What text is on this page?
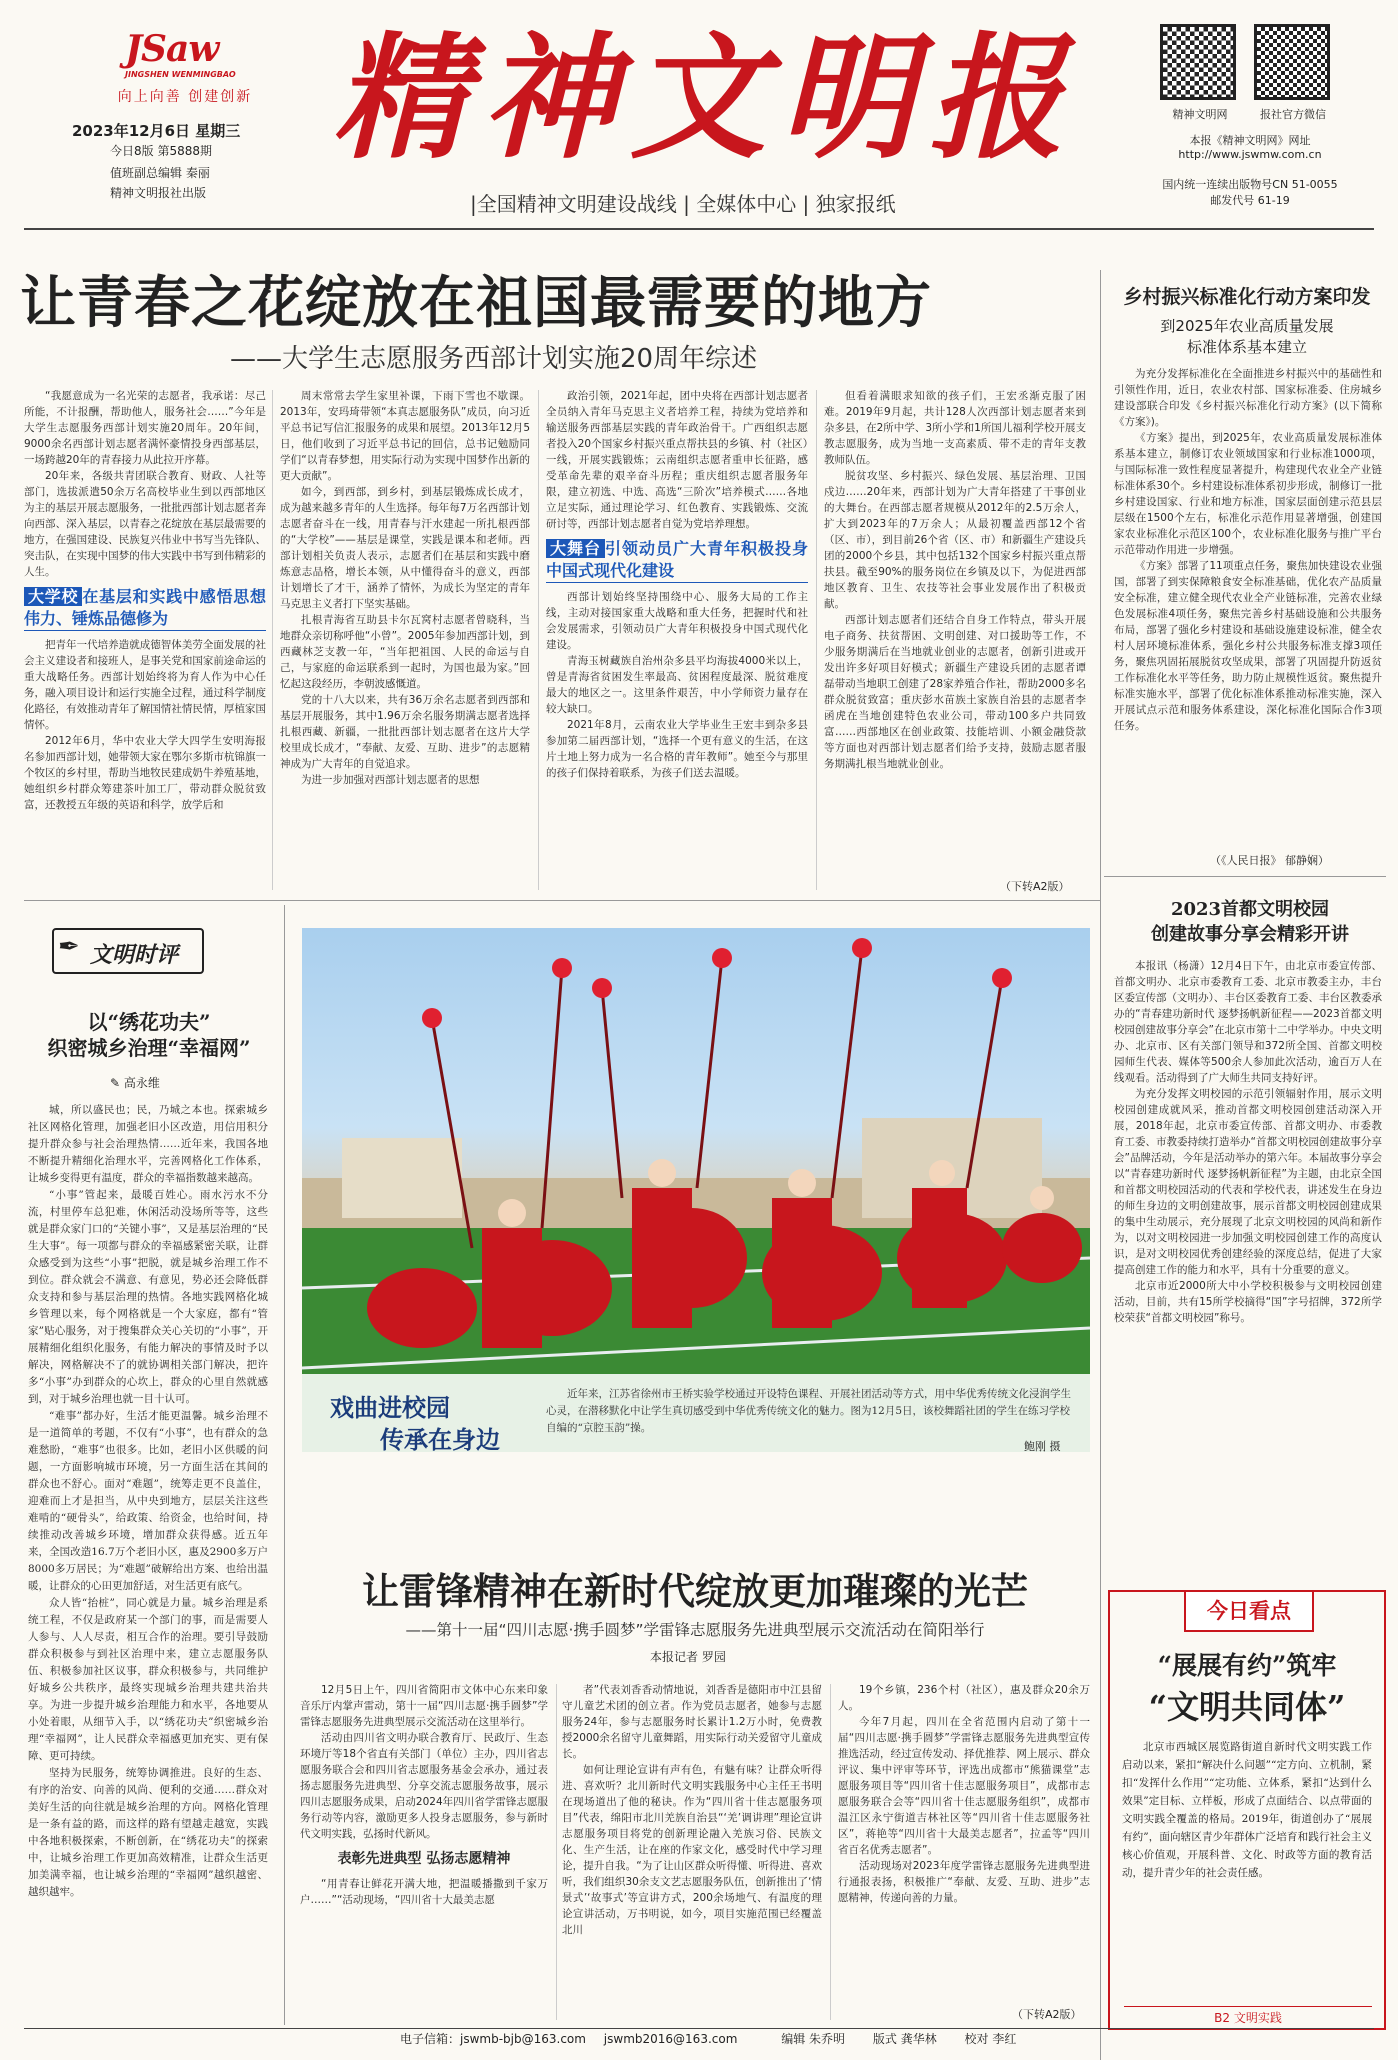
JSaw
JINGSHEN WENMINGBAO
向上向善 创建创新
2023年12月6日 星期三
今日8版 第5888期
值班副总编辑 秦丽
精神文明报社出版
精神文明报
|全国精神文明建设战线 | 全媒体中心 | 独家报纸
精神文明网	报社官方微信
本报《精神文明网》网址
http://www.jswmw.com.cn
国内统一连续出版物号CN 51-0055
邮发代号 61-19
让青春之花绽放在祖国最需要的地方
——大学生志愿服务西部计划实施20周年综述

“我愿意成为一名光荣的志愿者，我承诺：尽己所能，不计报酬，帮助他人，服务社会……”今年是大学生志愿服务西部计划实施20周年。20年间，9000余名西部计划志愿者满怀豪情投身西部基层，一场跨越20年的青春接力从此拉开序幕。

20年来，各级共青团联合教育、财政、人社等部门，选拔派遣50余万名高校毕业生到以西部地区为主的基层开展志愿服务，一批批西部计划志愿者奔向西部、深入基层，以青春之花绽放在基层最需要的地方，在强国建设、民族复兴伟业中书写当先锋队、突击队，在实现中国梦的伟大实践中书写到伟精彩的人生。

大学校 在基层和实践中感悟思想伟力、锤炼品德修为

把青年一代培养造就成德智体美劳全面发展的社会主义建设者和接班人，是事关党和国家前途命运的重大战略任务。西部计划始终将为育人作为中心任务，融入项目设计和运行实施全过程，通过科学制度化路径，有效推动青年了解国情社情民情，厚植家国情怀。

2012年6月，华中农业大学大四学生安明海报名参加西部计划，她带领大家在鄂尔多斯市杭锦旗一个牧区的乡村里，帮助当地牧民建成奶牛养殖基地，她组织乡村群众筹建茶叶加工厂，带动群众脱贫致富，还教授五年级的英语和科学，放学后和

周末常常去学生家里补课，下雨下雪也不歇课。2013年，安玛琦带领“本真志愿服务队”成员，向习近平总书记写信汇报服务的成果和展望。2013年12月5日，他们收到了习近平总书记的回信，总书记勉励同学们“以青春梦想，用实际行动为实现中国梦作出新的更大贡献”。

如今，到西部，到乡村，到基层锻炼成长成才，成为越来越多青年的人生选择。每年每7万名西部计划志愿者奋斗在一线，用青春与汗水建起一所扎根西部的“大学校”——基层是课堂，实践是课本和老师。西部计划相关负责人表示，志愿者们在基层和实践中磨炼意志品格，增长本领，从中懂得奋斗的意义，西部计划增长了才干，涵养了情怀，为成长为坚定的青年马克思主义者打下坚实基础。

扎根青海省互助县卡尔瓦窝村志愿者曾晓科，当地群众亲切称呼他“小曾”。2005年参加西部计划，到西藏林芝支教一年，“当年把祖国、人民的命运与自己，与家庭的命运联系到一起时，为国也最为家。”回忆起这段经历，李朝波感慨道。

党的十八大以来，共有36万余名志愿者到西部和基层开展服务，其中1.96万余名服务期满志愿者选择扎根西藏、新疆，一批批西部计划志愿者在这片大学校里成长成才，“奉献、友爱、互助、进步”的志愿精神成为广大青年的自觉追求。

为进一步加强对西部计划志愿者的思想

政治引领，2021年起，团中央将在西部计划志愿者全员纳入青年马克思主义者培养工程，持续为党培养和输送服务西部基层实践的青年政治骨干。广西组织志愿者投入20个国家乡村振兴重点帮扶县的乡镇、村（社区）一线，开展实践锻炼；云南组织志愿者重申长征路，感受革命先辈的艰辛奋斗历程；重庆组织志愿者服务年限，建立初选、中选、高选“三阶次”培养模式……各地立足实际，通过理论学习、红色教育、实践锻炼、交流研讨等，西部计划志愿者自觉为党培养理想。

大舞台 引领动员广大青年积极投身中国式现代化建设

西部计划始终坚持围绕中心、服务大局的工作主线，主动对接国家重大战略和重大任务，把握时代和社会发展需求，引领动员广大青年积极投身中国式现代化建设。

青海玉树藏族自治州杂多县平均海拔4000米以上，曾是青海省贫困发生率最高、贫困程度最深、脱贫难度最大的地区之一。这里条件艰苦，中小学师资力量存在较大缺口。

2021年8月，云南农业大学毕业生王宏丰到杂多县参加第二届西部计划，“选择一个更有意义的生活，在这片土地上努力成为一名合格的青年教师”。她至今与那里的孩子们保持着联系，为孩子们送去温暖。

但看着满眼求知欲的孩子们，王宏丞渐克服了困难。2019年9月起，共计128人次西部计划志愿者来到杂多县，在2所中学、3所小学和1所国儿福利学校开展支教志愿服务，成为当地一支高素质、带不走的青年支教教师队伍。

脱贫攻坚、乡村振兴、绿色发展、基层治理、卫国戍边……20年来，西部计划为广大青年搭建了干事创业的大舞台。在西部志愿者规模从2012年的2.5万余人，扩大到2023年的7万余人；从最初覆盖西部12个省（区、市），到目前26个省（区、市）和新疆生产建设兵团的2000个乡县，其中包括132个国家乡村振兴重点帮扶县。截至90%的服务岗位在乡镇及以下，为促进西部地区教育、卫生、农技等社会事业发展作出了积极贡献。

西部计划志愿者们还结合自身工作特点，带头开展电子商务、扶贫帮困、文明创建、对口援助等工作，不少服务期满后在当地就业创业的志愿者，创新引进或开发出许多好项目好模式；新疆生产建设兵团的志愿者谭磊带动当地职工创建了28家养殖合作社，帮助2000多名群众脱贫致富；重庆彭水苗族土家族自治县的志愿者李函虎在当地创建特色农业公司，带动100多户共同致富……西部地区在创业政策、技能培训、小额金融贷款等方面也对西部计划志愿者们给予支持，鼓励志愿者服务期满扎根当地就业创业。

（下转A2版）
乡村振兴标准化行动方案印发
到2025年农业高质量发展
标准体系基本建立

为充分发挥标准化在全面推进乡村振兴中的基础性和引领性作用，近日，农业农村部、国家标准委、住房城乡建设部联合印发《乡村振兴标准化行动方案》(以下简称《方案》)。

《方案》提出，到2025年，农业高质量发展标准体系基本建立，制修订农业领域国家和行业标准1000项，与国际标准一致性程度显著提升，构建现代农业全产业链标准体系30个。乡村建设标准体系初步形成，制修订一批乡村建设国家、行业和地方标准，国家层面创建示范县层层级在1500个左右，标准化示范作用显著增强，创建国家农业标准化示范区100个，农业标准化服务与推广平台示范带动作用进一步增强。

《方案》部署了11项重点任务，聚焦加快建设农业强国，部署了到实保障粮食安全标准基础，优化农产品质量安全标准，建立健全现代农业全产业链标准，完善农业绿色发展标准4项任务，聚焦完善乡村基础设施和公共服务布局，部署了强化乡村建设和基础设施建设标准，健全农村人居环境标准体系，强化乡村公共服务标准支撑3项任务，聚焦巩固拓展脱贫攻坚成果，部署了巩固提升防返贫工作标准化水平等任务，助力防止规模性返贫。聚焦提升标准实施水平，部署了优化标准体系推动标准实施，深入开展试点示范和服务体系建设，深化标准化国际合作3项任务。

（《人民日报》 郁静娴）
✒ 文明时评
以“绣花功夫”
织密城乡治理“幸福网”
✎ 高永维

城，所以盛民也；民，乃城之本也。探索城乡社区网格化管理，加强老旧小区改造，用信用积分提升群众参与社会治理热情……近年来，我国各地不断提升精细化治理水平，完善网格化工作体系，让城乡变得更有温度，群众的幸福指数越来越高。

“小事”管起来，最暖百姓心。雨水污水不分流，村里停车总犯难，休闲活动没场所等等，这些就是群众家门口的“关键小事”，又是基层治理的“民生大事”。每一项都与群众的幸福感紧密关联，让群众感受到为这些“小事”把脱，就是城乡治理工作不到位。群众就会不满意、有意见，势必还会降低群众支持和参与基层治理的热情。各地实践网格化城乡管理以来，每个网格就是一个大家庭，都有“管家”贴心服务，对于搜集群众关心关切的“小事”，开展精细化组织化服务，有能力解决的事情及时予以解决，网格解决不了的就协调相关部门解决，把许多“小事”办到群众的心坎上，群众的心里自然就感到，对于城乡治理也就一目十认可。

“难事”都办好，生活才能更温馨。城乡治理不是一道简单的考题，不仅有“小事”，也有群众的急难愁盼，“难事”也很多。比如，老旧小区供暖的问题，一方面影响城市环境，另一方面生活在其间的群众也不舒心。面对“难题”，统筹走更不良盖住，迎难而上才是担当，从中央到地方，层层关注这些难啃的“硬骨头”，给政策、给资金，也给时间，持续推动改善城乡环境，增加群众获得感。近五年来，全国改造16.7万个老旧小区，惠及2900多万户 8000多万居民；为“难题”破解给出方案、也给出温暖，让群众的心田更加舒适，对生活更有底气。

众人皆“抬桩”，同心就是力量。城乡治理是系统工程，不仅是政府某一个部门的事，而是需要人人参与、人人尽责，相互合作的治理。要引导鼓励群众积极参与到社区治理中来，建立志愿服务队伍、积极参加社区议事，群众积极参与，共同维护好城乡公共秩序，最终实现城乡治理共建共治共享。为进一步提升城乡治理能力和水平，各地要从小处着眼，从细节入手，以“绣花功夫”织密城乡治理“幸福网”，让人民群众幸福感更加充实、更有保障、更可持续。

坚持为民服务，统筹协调推进。良好的生态、有序的治安、向善的风尚、便利的交通……群众对美好生活的向往就是城乡治理的方向。网格化管理是一条有益的路，而这样的路有望越走越宽，实践中各地积极探索，不断创新，在“绣花功夫”的探索中，让城乡治理工作更加高效精准，让群众生活更加美满幸福，也让城乡治理的“幸福网”越织越密、越织越牢。

戏曲进校园
传承在身边
近年来，江苏省徐州市王桥实验学校通过开设特色课程、开展社团活动等方式，用中华优秀传统文化浸润学生心灵，在潜移默化中让学生真切感受到中华优秀传统文化的魅力。图为12月5日，该校舞蹈社团的学生在练习学校自编的“京腔玉韵”操。
鲍刚 摄
2023首都文明校园
创建故事分享会精彩开讲

本报讯（杨潇）12月4日下午，由北京市委宣传部、首都文明办、北京市委教育工委、北京市教委主办，丰台区委宣传部（文明办）、丰台区委教育工委、丰台区教委承办的“青春建功新时代 逐梦扬帆新征程——2023首都文明校园创建故事分享会”在北京市第十二中学举办。中央文明办、北京市、区有关部门领导和372所全国、首都文明校园师生代表、媒体等500余人参加此次活动，逾百万人在线观看。活动得到了广大师生共同支持好评。

为充分发挥文明校园的示范引领辐射作用，展示文明校园创建成就风采，推动首都文明校园创建活动深入开展，2018年起，北京市委宣传部、首都文明办、市委教育工委、市教委持续打造举办“首都文明校园创建故事分享会”品牌活动，今年是活动举办的第六年。本届故事分享会以“青春建功新时代 逐梦扬帆新征程”为主题，由北京全国和首都文明校园活动的代表和学校代表，讲述发生在身边的师生身边的文明创建故事，展示首都文明校园创建成果的集中生动展示，充分展现了北京文明校园的风尚和新作为，以对文明校园进一步加强文明校园创建工作的高度认识，是对文明校园优秀创建经验的深度总结，促进了大家提高创建工作的能力和水平，具有十分重要的意义。

北京市近2000所大中小学校积极参与文明校园创建活动，目前，共有15所学校摘得“国”字号招牌，372所学校荣获“首都文明校园”称号。

让雷锋精神在新时代绽放更加璀璨的光芒
——第十一届“四川志愿·携手圆梦”学雷锋志愿服务先进典型展示交流活动在简阳举行
本报记者 罗园

12月5日上午，四川省简阳市文体中心东来印象音乐厅内掌声雷动，第十一届“四川志愿·携手圆梦”学雷锋志愿服务先进典型展示交流活动在这里举行。

活动由四川省文明办联合教育厅、民政厅、生态环境厅等18个省直有关部门（单位）主办，四川省志愿服务联合会和四川省志愿服务基金会承办，通过表扬志愿服务先进典型、分享交流志愿服务故事，展示四川志愿服务成果，启动2024年四川省学雷锋志愿服务行动等内容，激励更多人投身志愿服务，参与新时代文明实践，弘扬时代新风。

表彰先进典型 弘扬志愿精神

“用青春让鲜花开满大地，把温暖播撒到千家万户……”“活动现场，“四川省十大最美志愿

者”代表刘香香动情地说，刘香香是德阳市中江县留守儿童艺术团的创立者。作为党员志愿者，她参与志愿服务24年，参与志愿服务时长累计1.2万小时，免费教授2000余名留守儿童舞蹈，用实际行动关爱留守儿童成长。

如何让理论宣讲有声有色，有魅有味？让群众听得进、喜欢听？北川新时代文明实践服务中心主任王书明在现场道出了他的秘诀。作为“四川省十佳志愿服务项目”代表，绵阳市北川羌族自治县“‘羌’调讲理”理论宣讲志愿服务项目将党的创新理论融入羌族习俗、民族文化、生产生活，让在座的作家文化，感受时代中学习理论，提升自我。“为了让山区群众听得懂、听得进、喜欢听，我们组织30余支文艺志愿服务队伍，创新推出了‘情景式’‘故事式’等宣讲方式，200余场地气、有温度的理论宣讲活动，万书明说，如今，项目实施范围已经覆盖北川

19个乡镇，236个村（社区），惠及群众20余万人。

今年7月起，四川在全省范围内启动了第十一届“四川志愿·携手圆梦”学雷锋志愿服务先进典型宣传推选活动，经过宣传发动、择优推荐、网上展示、群众评议、集中评审等环节，评选出成都市“熊猫课堂”志愿服务项目等“四川省十佳志愿服务项目”，成都市志愿服务联合会等“四川省十佳志愿服务组织”，成都市温江区永宁街道吉林社区等“四川省十佳志愿服务社区”，蒋艳等“四川省十大最美志愿者”，拉孟等“四川省百名优秀志愿者”。

活动现场对2023年度学雷锋志愿服务先进典型进行通报表扬，积极推广“奉献、友爱、互助、进步”志愿精神，传递向善的力量。

（下转A2版）
今日看点
“展展有约”筑牢
“文明共同体”
北京市西城区展览路街道自新时代文明实践工作启动以来，紧扣“解决什么问题”“定方向、立机制，紧扣“发挥什么作用”“定功能、立体系，紧扣“达到什么效果”定目标、立样板，形成了点面结合、以点带面的文明实践全覆盖的格局。2019年，街道创办了“展展有约”，面向辖区青少年群体广泛培育和践行社会主义核心价值观，开展科普、文化、时政等方面的教育活动，提升青少年的社会责任感。
B2 文明实践
电子信箱：jswmb-bjb@163.com jswmb2016@163.com	编辑 朱乔明 版式 龚华林 校对 李红
